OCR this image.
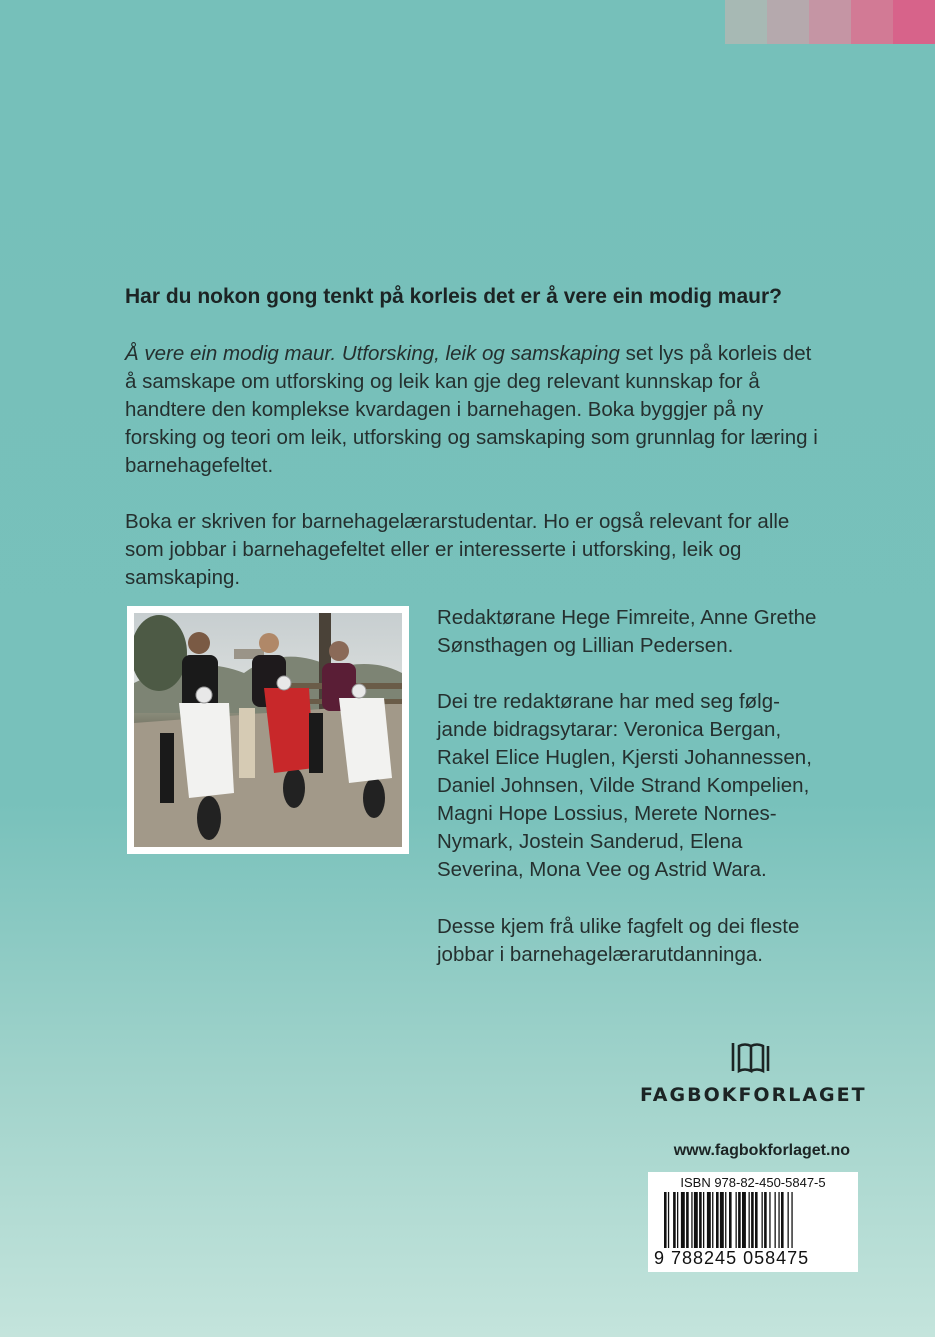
Har du nokon gong tenkt på korleis det er å vere ein modig maur?

Å vere ein modig maur. Utforsking, leik og samskaping set lys på korleis det å samskape om utforsking og leik kan gje deg relevant kunnskap for å handtere den komplekse kvardagen i barnehagen. Boka byggjer på ny forsking og teori om leik, utforsking og samskaping som grunnlag for læring i barnehagefeltet.

Boka er skriven for barnehagelærarstudentar. Ho er også relevant for alle som jobbar i barnehagefeltet eller er interesserte i utforsking, leik og samskaping.

Redaktørane Hege Fimreite, Anne Grethe Sønsthagen og Lillian Pedersen.

Dei tre redaktørane har med seg følg-jande bidragsytarar: Veronica Bergan, Rakel Elice Huglen, Kjersti Johannessen, Daniel Johnsen, Vilde Strand Kompelien, Magni Hope Lossius, Merete Nornes-Nymark, Jostein Sanderud, Elena Severina, Mona Vee og Astrid Wara.

Desse kjem frå ulike fagfelt og dei fleste jobbar i barnehagelærarutdanninga.

FAGBOKFORLAGET
www.fagbokforlaget.no
ISBN 978-82-450-5847-5
9 788245 058475
